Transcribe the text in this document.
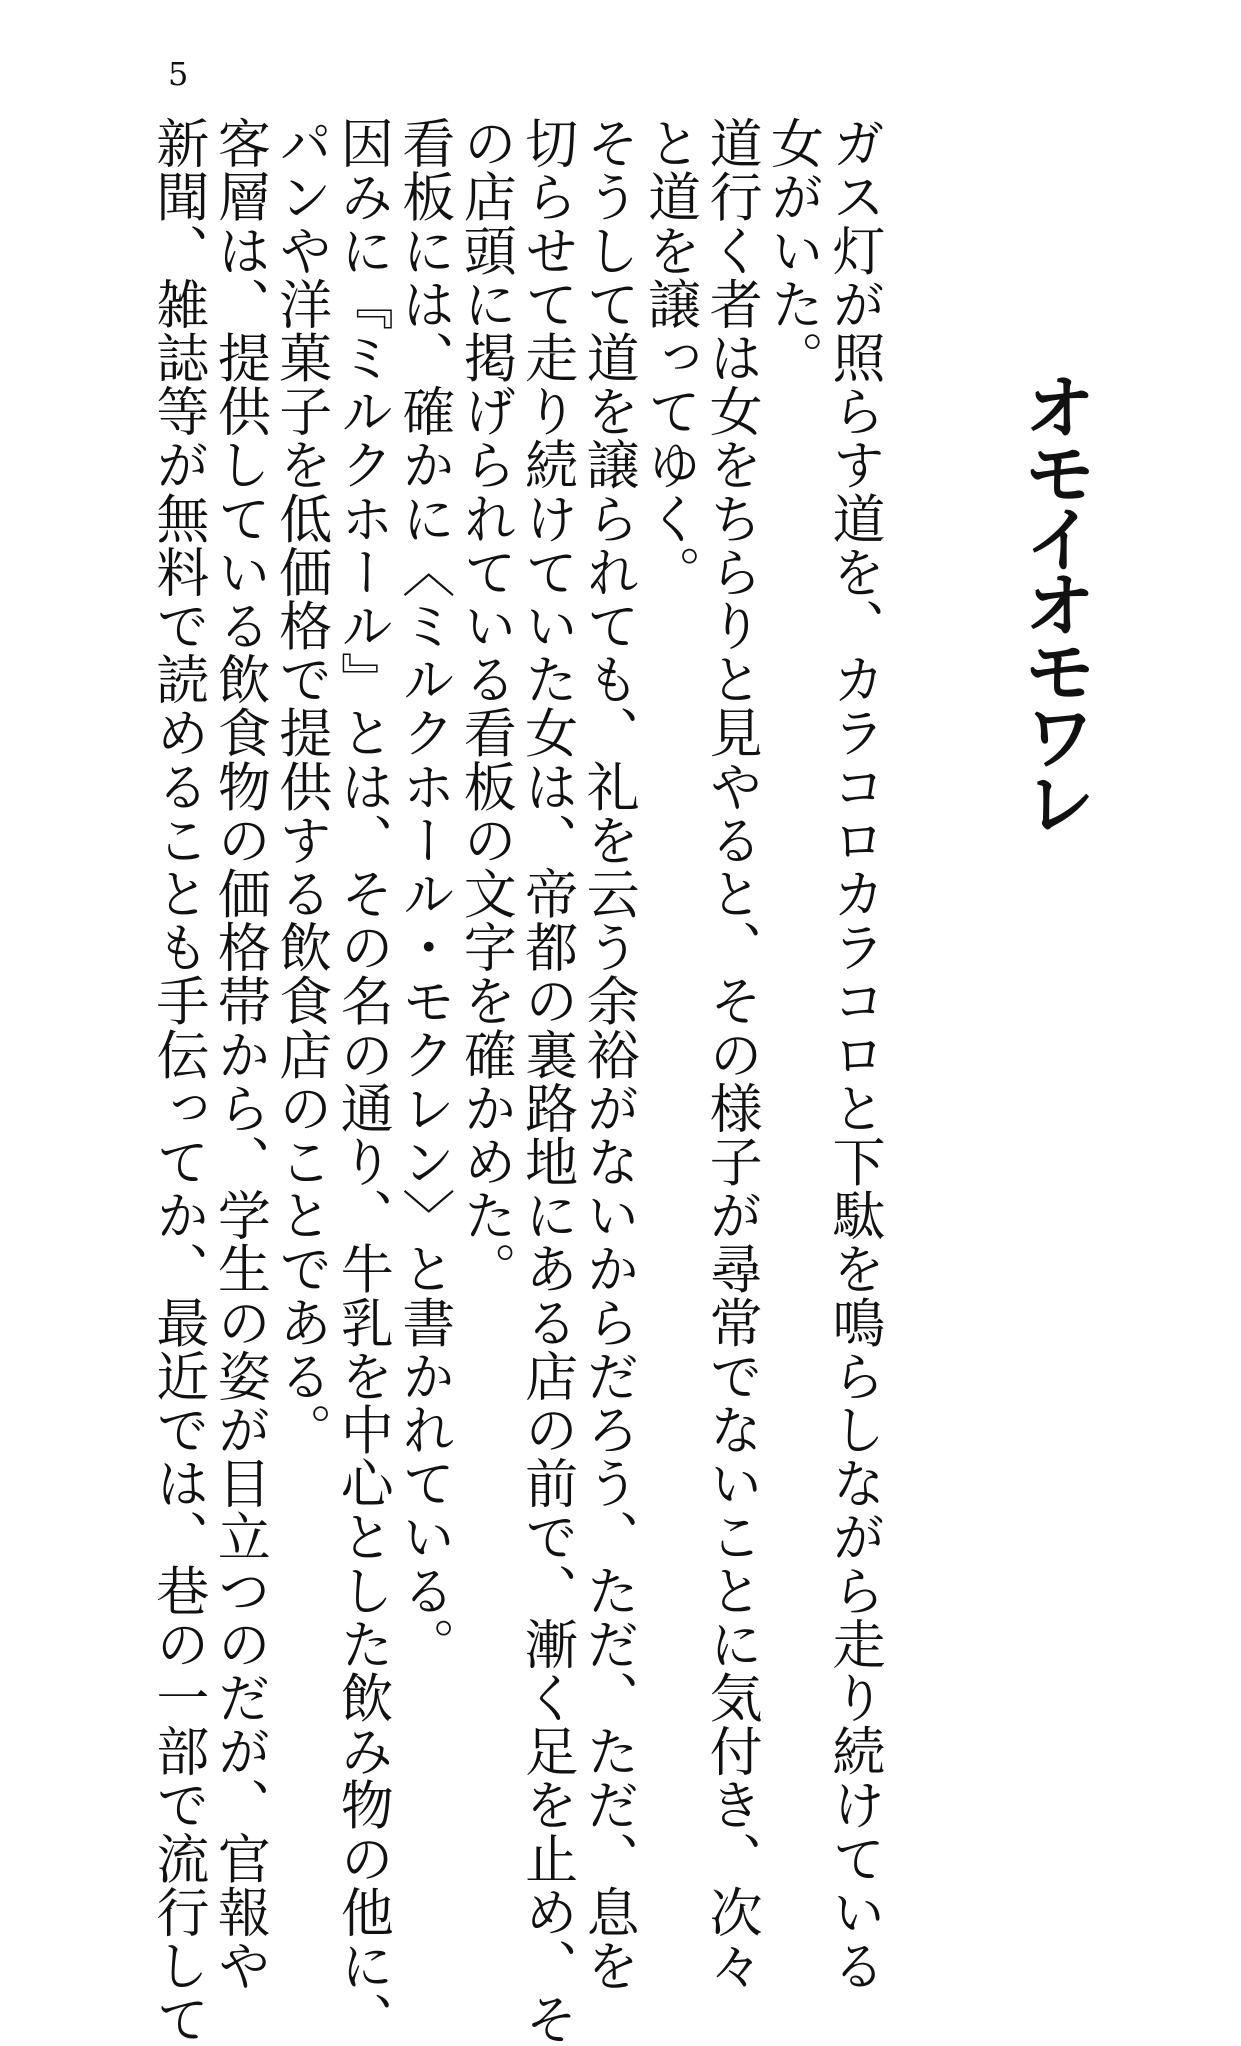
5
オモイオモワレ

ガス灯が照らす道を、カラコロカラコロと下駄を鳴らしながら走り続けている

女がいた。

道行く者は女をちらりと見やると、その様子が尋常でないことに気付き、次々

と道を譲ってゆく。

そうして道を譲られても、礼を云う余裕がないからだろう、ただ、ただ、息を

切らせて走り続けていた女は、帝都の裏路地にある店の前で、漸く足を止め、そ

の店頭に掲げられている看板の文字を確かめた。

看板には、確かに〈ミルクホール・モクレン〉と書かれている。

因みに『ミルクホール』とは、その名の通り、牛乳を中心とした飲み物の他に、

パンや洋菓子を低価格で提供する飲食店のことである。

客層は、提供している飲食物の価格帯から、学生の姿が目立つのだが、官報や

新聞、雑誌等が無料で読めることも手伝ってか、最近では、巷の一部で流行して
